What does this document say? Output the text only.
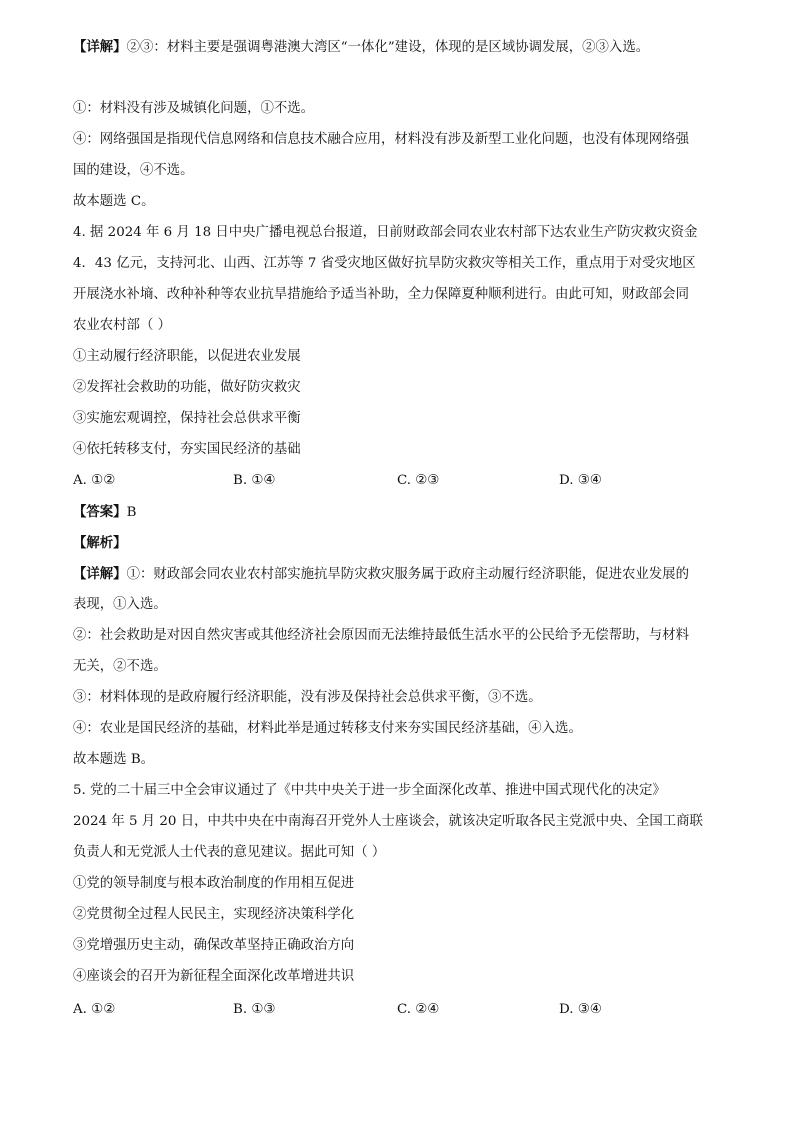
【详解】②③：材料主要是强调粤港澳大湾区“一体化”建设，体现的是区域协调发展，②③入选。

①：材料没有涉及城镇化问题，①不选。

④：网络强国是指现代信息网络和信息技术融合应用，材料没有涉及新型工业化问题，也没有体现网络强

国的建设，④不选。

故本题选 C。

4. 据 2024 年 6 月 18 日中央广播电视总台报道，日前财政部会同农业农村部下达农业生产防灾救灾资金

4．43 亿元，支持河北、山西、江苏等 7 省受灾地区做好抗旱防灾救灾等相关工作，重点用于对受灾地区

开展浇水补墒、改种补种等农业抗旱措施给予适当补助，全力保障夏种顺利进行。由此可知，财政部会同

农业农村部（ ）

①主动履行经济职能，以促进农业发展

②发挥社会救助的功能，做好防灾救灾

③实施宏观调控，保持社会总供求平衡

④依托转移支付，夯实国民经济的基础

A. ①②	B. ①④	C. ②③	D. ③④

【答案】B

【解析】

【详解】①：财政部会同农业农村部实施抗旱防灾救灾服务属于政府主动履行经济职能，促进农业发展的

表现，①入选。

②：社会救助是对因自然灾害或其他经济社会原因而无法维持最低生活水平的公民给予无偿帮助，与材料

无关，②不选。

③：材料体现的是政府履行经济职能，没有涉及保持社会总供求平衡，③不选。

④：农业是国民经济的基础，材料此举是通过转移支付来夯实国民经济基础，④入选。

故本题选 B。

5. 党的二十届三中全会审议通过了《中共中央关于进一步全面深化改革、推进中国式现代化的决定》

2024 年 5 月 20 日，中共中央在中南海召开党外人士座谈会，就该决定听取各民主党派中央、全国工商联

负责人和无党派人士代表的意见建议。据此可知（ ）

①党的领导制度与根本政治制度的作用相互促进

②党贯彻全过程人民民主，实现经济决策科学化

③党增强历史主动，确保改革坚持正确政治方向

④座谈会的召开为新征程全面深化改革增进共识

A. ①②	B. ①③	C. ②④	D. ③④
